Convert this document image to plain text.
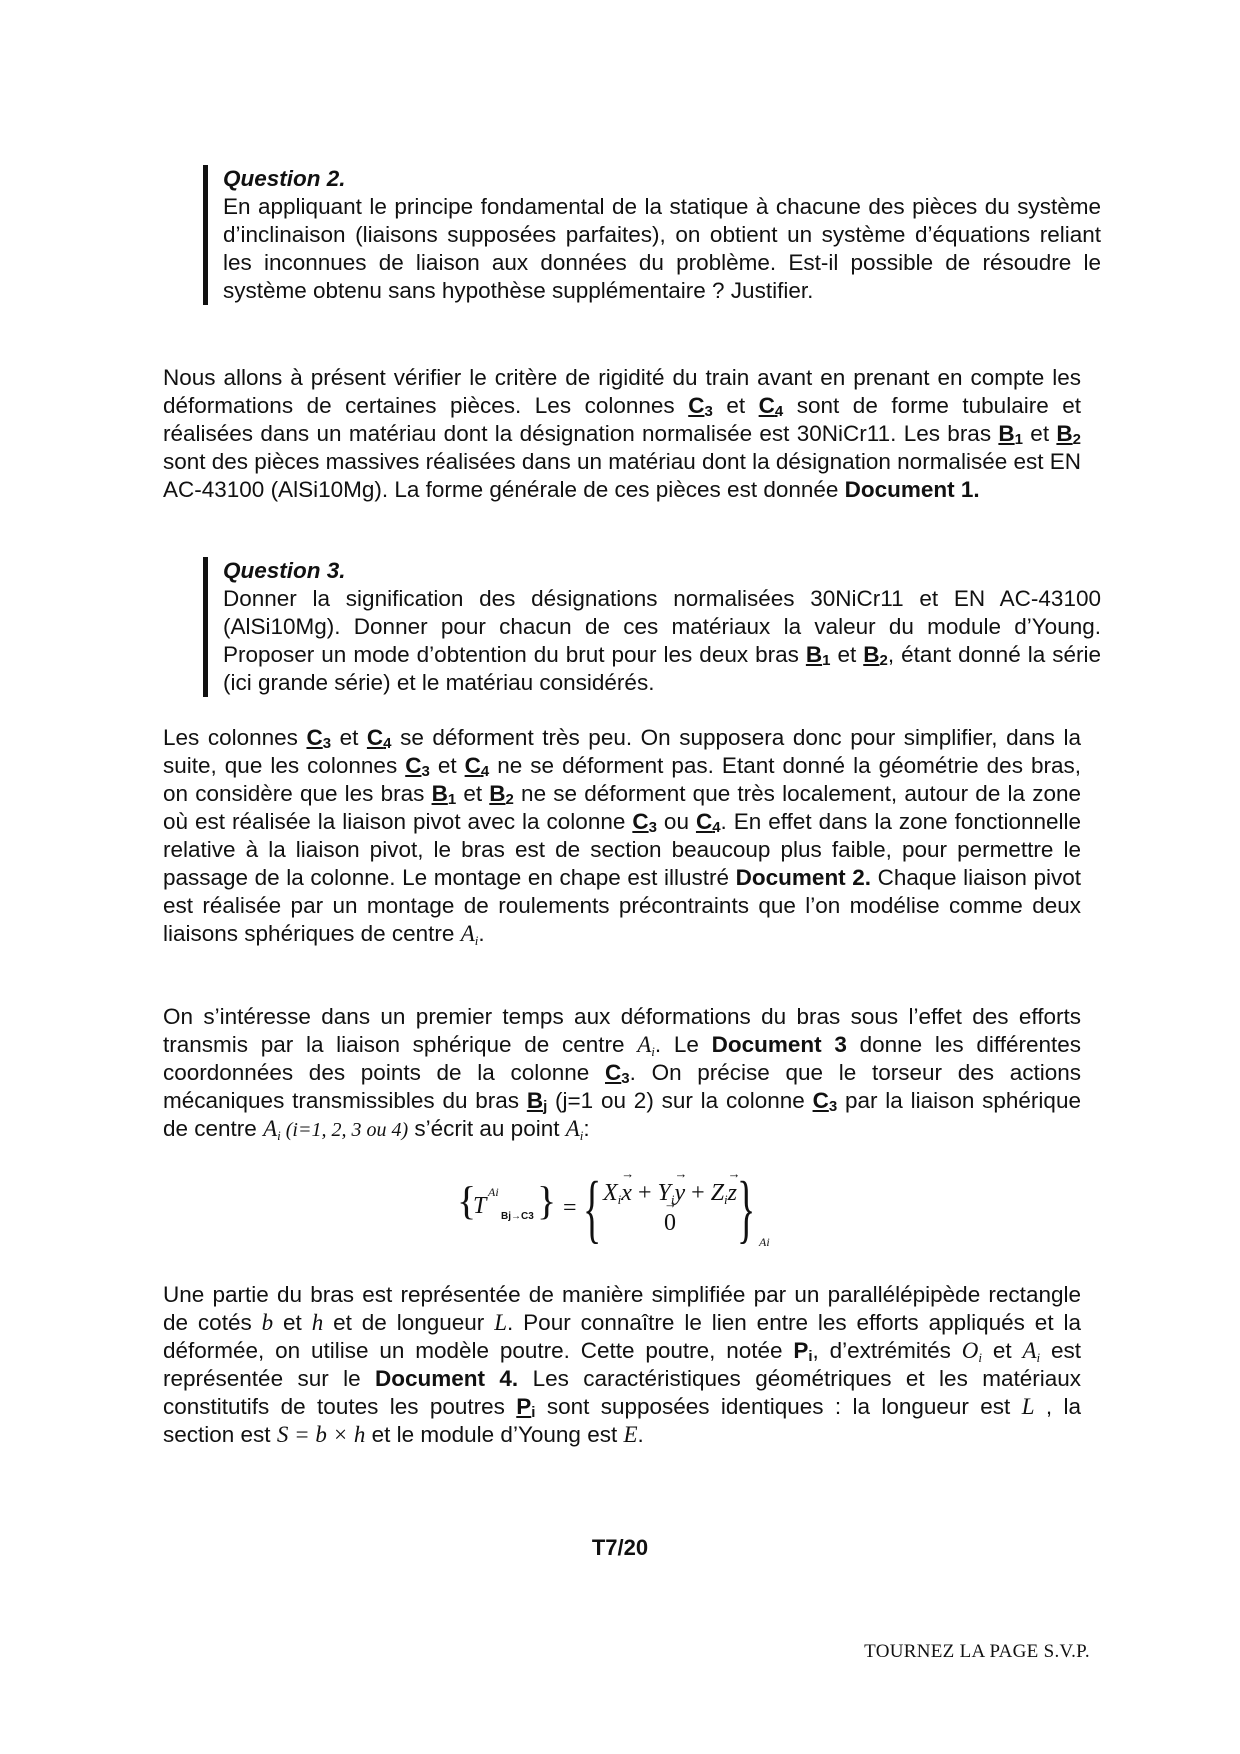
Question 2.
En appliquant le principe fondamental de la statique à chacune des pièces du système d’inclinaison (liaisons supposées parfaites), on obtient un système d’équations reliant les inconnues de liaison aux données du problème. Est-il possible de résoudre le système obtenu sans hypothèse supplémentaire ? Justifier.
Nous allons à présent vérifier le critère de rigidité du train avant en prenant en compte les déformations de certaines pièces. Les colonnes $C_3$ et $C_4$ sont de forme tubulaire et réalisées dans un matériau dont la désignation normalisée est 30NiCr11. Les bras $B_1$ et $B_2$ sont des pièces massives réalisées dans un matériau dont la désignation normalisée est EN AC-43100 (AlSi10Mg). La forme générale de ces pièces est donnée Document 1.
Question 3.
Donner la signification des désignations normalisées 30NiCr11 et EN AC-43100 (AlSi10Mg). Donner pour chacun de ces matériaux la valeur du module d’Young. Proposer un mode d’obtention du brut pour les deux bras $B_1$ et $B_2$, étant donné la série (ici grande série) et le matériau considérés.
Les colonnes $C_3$ et $C_4$ se déforment très peu. On supposera donc pour simplifier, dans la suite, que les colonnes $C_3$ et $C_4$ ne se déforment pas. Etant donné la géométrie des bras, on considère que les bras $B_1$ et $B_2$ ne se déforment que très localement, autour de la zone où est réalisée la liaison pivot avec la colonne $C_3$ ou $C_4$. En effet dans la zone fonctionnelle relative à la liaison pivot, le bras est de section beaucoup plus faible, pour permettre le passage de la colonne. Le montage en chape est illustré Document 2. Chaque liaison pivot est réalisée par un montage de roulements précontraints que l’on modélise comme deux liaisons sphériques de centre $A_i$.
On s’intéresse dans un premier temps aux déformations du bras sous l’effet des efforts transmis par la liaison sphérique de centre $A_i$. Le Document 3 donne les différentes coordonnées des points de la colonne $C_3$. On précise que le torseur des actions mécaniques transmissibles du bras $B_j$ (j=1 ou 2) sur la colonne $C_3$ par la liaison sphérique de centre $A_i$ (i=1, 2, 3 ou 4) s’écrit au point $A_i$:
{
T
Ai
Bj→C3 } = { $X_i\to x + Y_i\to y + Z_i\to z$
→ 0 } Ai
Une partie du bras est représentée de manière simplifiée par un parallélépipède rectangle de cotés b et h et de longueur L. Pour connaître le lien entre les efforts appliqués et la déformée, on utilise un modèle poutre. Cette poutre, notée $P_i$, d’extrémités $O_i$ et $A_i$ est représentée sur le Document 4. Les caractéristiques géométriques et les matériaux constitutifs de toutes les poutres $P_i$ sont supposées identiques : la longueur est L , la section est S = b × h et le module d’Young est E.
T7/20
TOURNEZ LA PAGE S.V.P.
